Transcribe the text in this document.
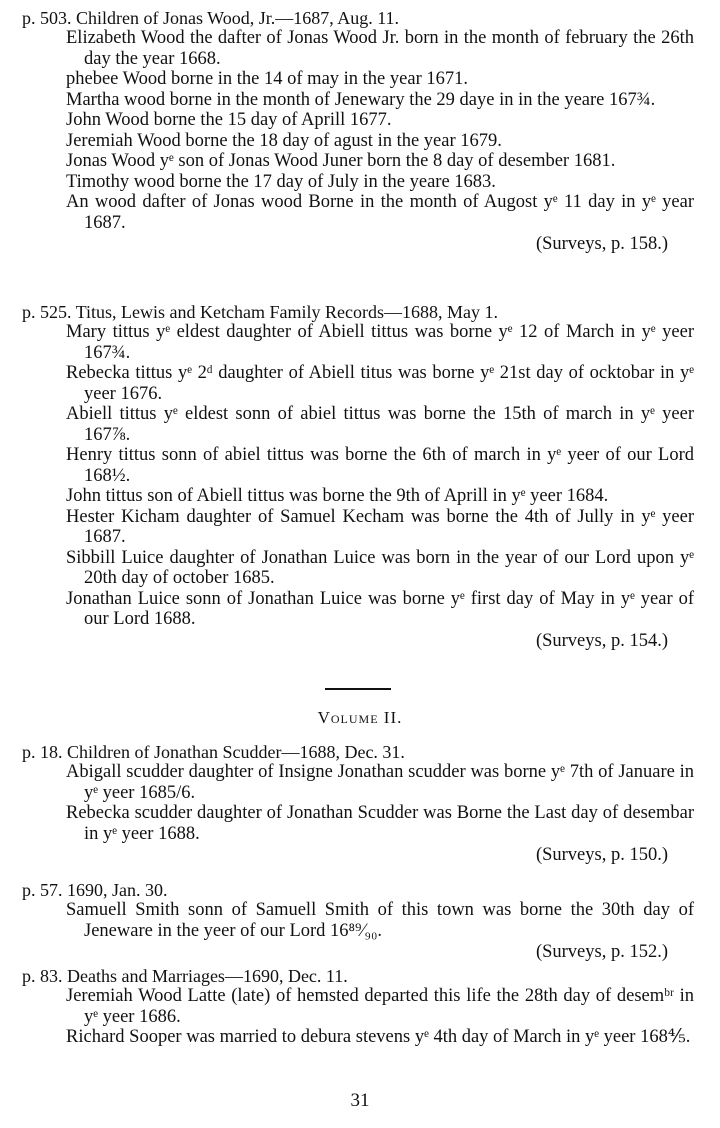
p. 503. Children of Jonas Wood, Jr.—1687, Aug. 11.
Elizabeth Wood the dafter of Jonas Wood Jr. born in the month of february the 26th day the year 1668.
phebee Wood borne in the 14 of may in the year 1671.
Martha wood borne in the month of Jenewary the 29 daye in in the yeare 167¾.
John Wood borne the 15 day of Aprill 1677.
Jeremiah Wood borne the 18 day of agust in the year 1679.
Jonas Wood yᵉ son of Jonas Wood Juner born the 8 day of desember 1681.
Timothy wood borne the 17 day of July in the yeare 1683.
An wood dafter of Jonas wood Borne in the month of Augost yᵉ 11 day in yᵉ year 1687.
(Surveys, p. 158.)
p. 525. Titus, Lewis and Ketcham Family Records—1688, May 1.
Mary tittus yᵉ eldest daughter of Abiell tittus was borne yᵉ 12 of March in yᵉ yeer 167¾.
Rebecka tittus yᵉ 2ᵈ daughter of Abiell titus was borne yᵉ 21st day of ocktobar in yᵉ yeer 1676.
Abiell tittus yᵉ eldest sonn of abiel tittus was borne the 15th of march in yᵉ yeer 167⅞.
Henry tittus sonn of abiel tittus was borne the 6th of march in yᵉ yeer of our Lord 168½.
John tittus son of Abiell tittus was borne the 9th of Aprill in yᵉ yeer 1684.
Hester Kicham daughter of Samuel Kecham was borne the 4th of Jully in yᵉ yeer 1687.
Sibbill Luice daughter of Jonathan Luice was born in the year of our Lord upon yᵉ 20th day of october 1685.
Jonathan Luice sonn of Jonathan Luice was borne yᵉ first day of May in yᵉ year of our Lord 1688.
(Surveys, p. 154.)
Volume II.
p. 18. Children of Jonathan Scudder—1688, Dec. 31.
Abigall scudder daughter of Insigne Jonathan scudder was borne yᵉ 7th of Januare in yᵉ yeer 1685/6.
Rebecka scudder daughter of Jonathan Scudder was Borne the Last day of desembar in yᵉ yeer 1688.
(Surveys, p. 150.)
p. 57. 1690, Jan. 30.
Samuell Smith sonn of Samuell Smith of this town was borne the 30th day of Jeneware in the yeer of our Lord 16⁸⁹⁄₉₀.
(Surveys, p. 152.)
p. 83. Deaths and Marriages—1690, Dec. 11.
Jeremiah Wood Latte (late) of hemsted departed this life the 28th day of desemᵇʳ in yᵉ yeer 1686.
Richard Sooper was married to debura stevens yᵉ 4th day of March in yᵉ yeer 168⅘.
31
